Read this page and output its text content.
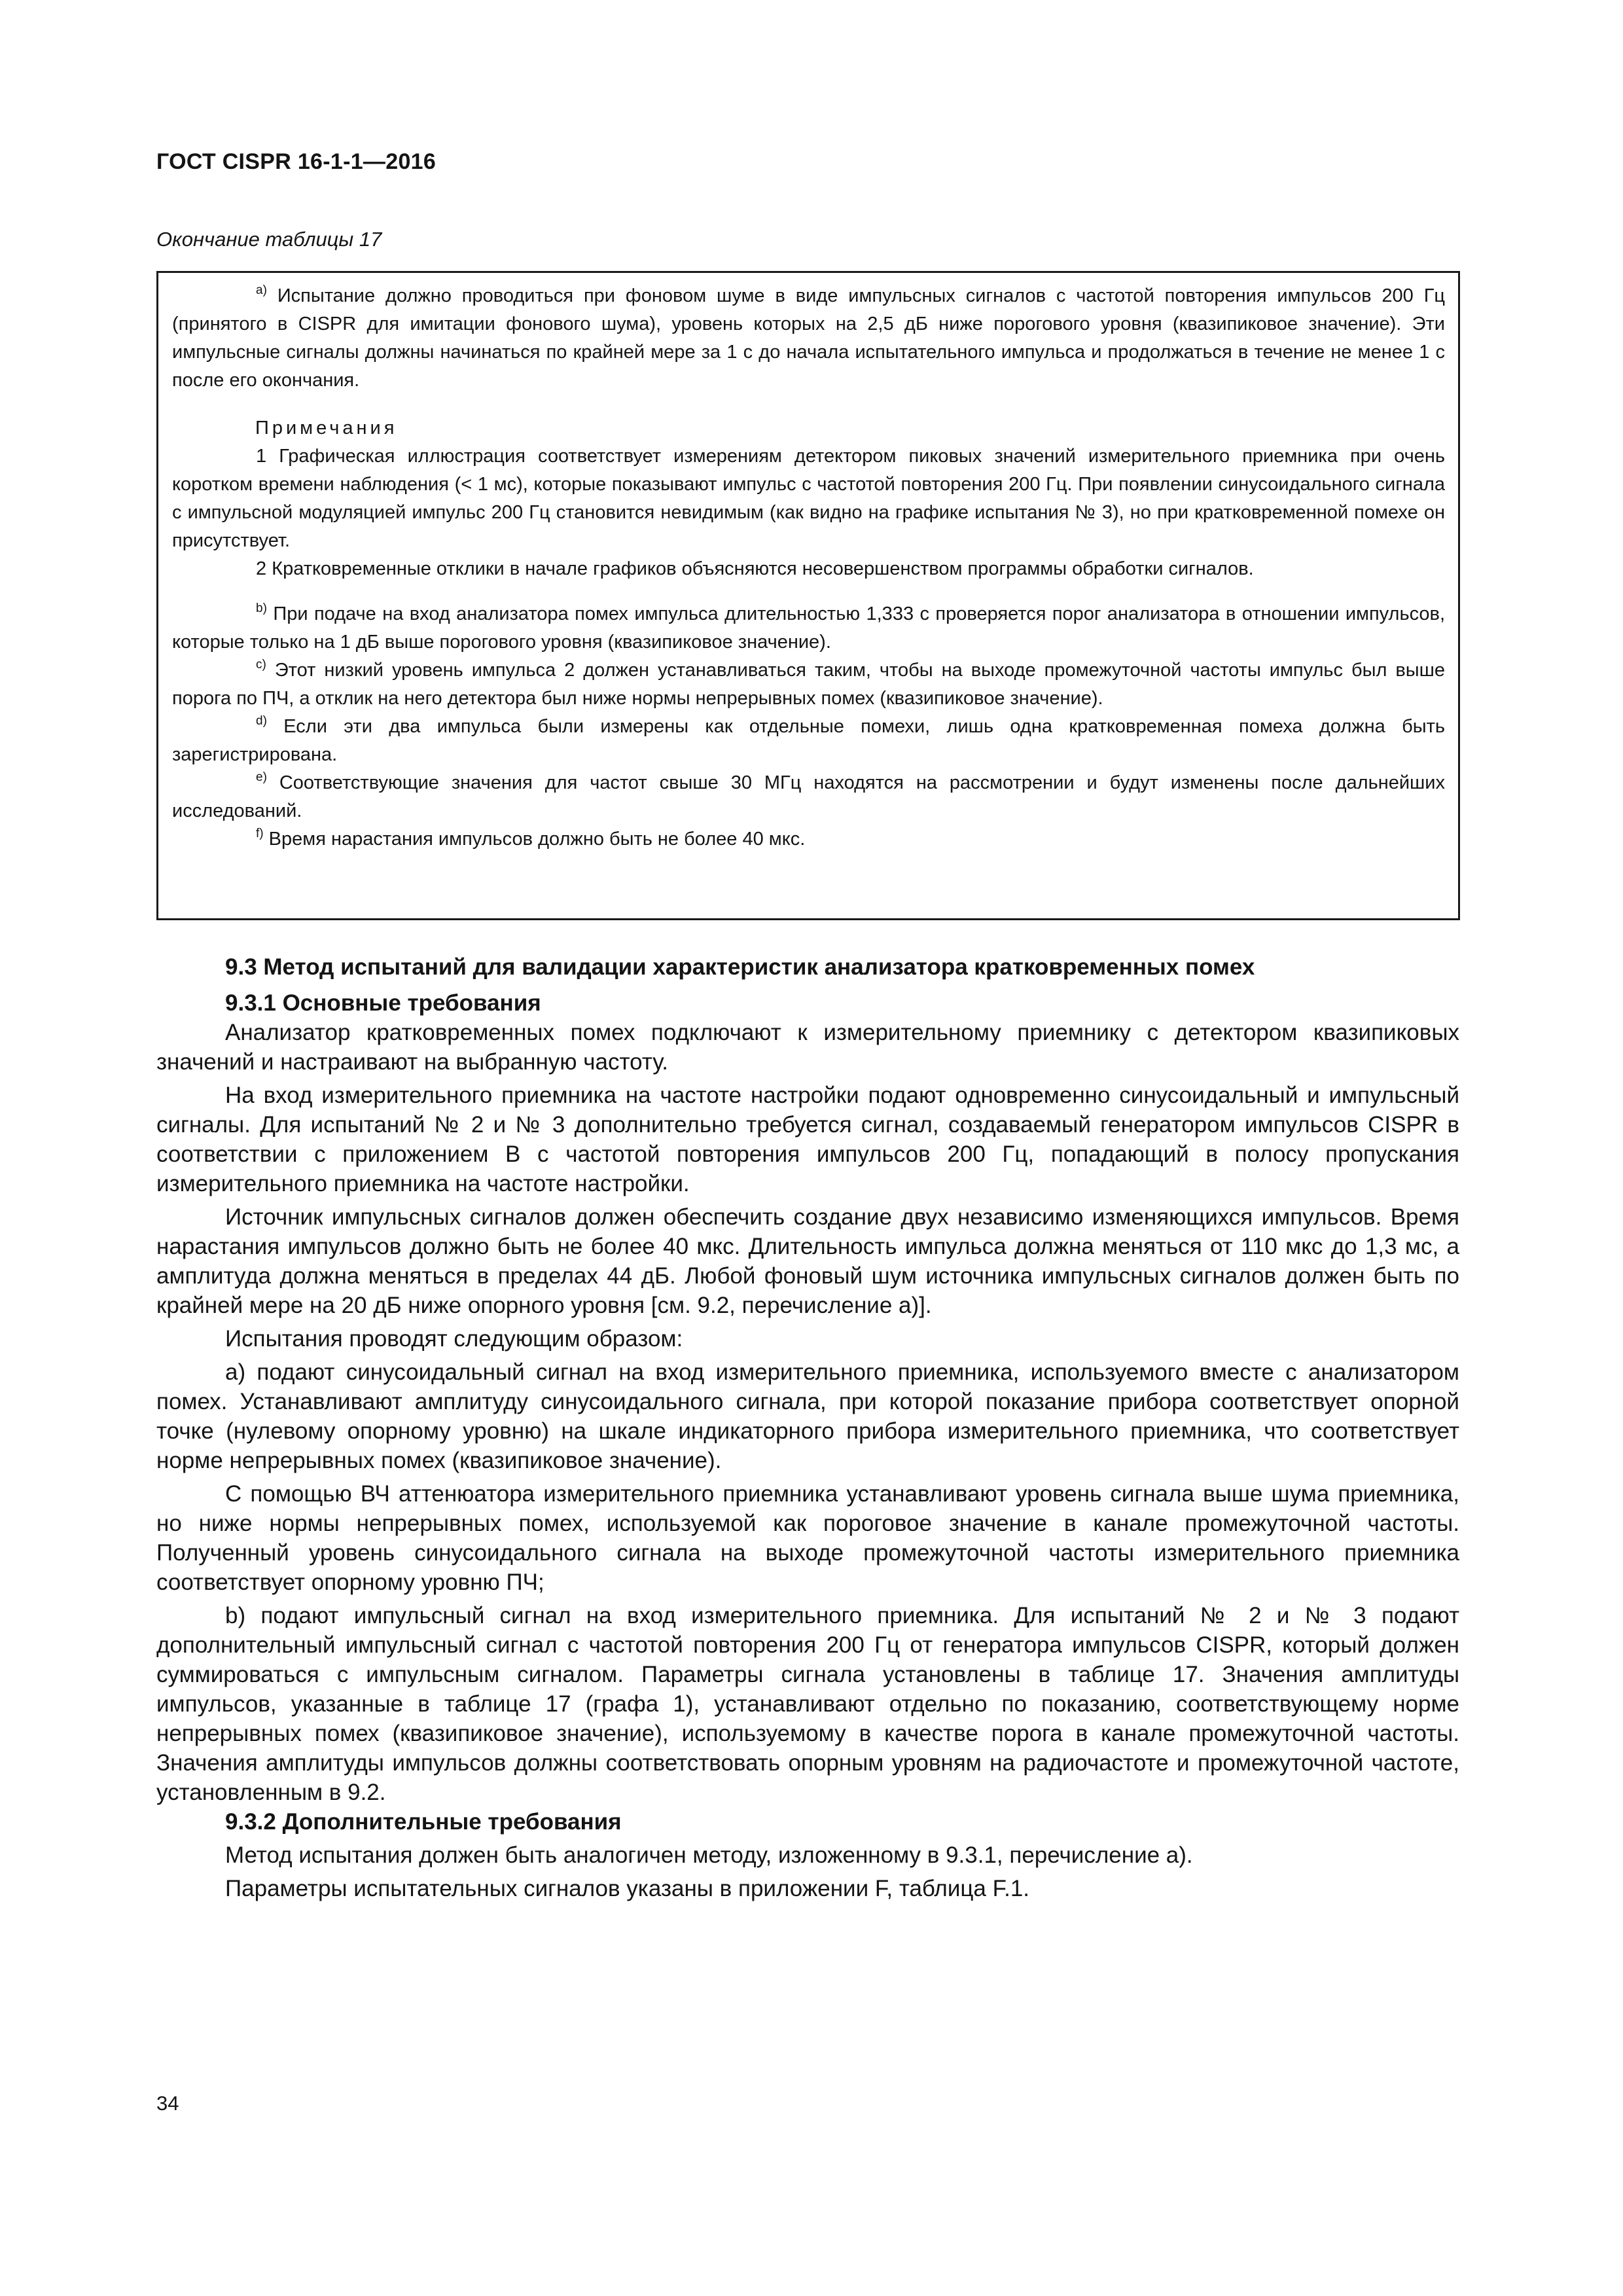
ГОСТ CISPR 16-1-1—2016
Окончание таблицы 17

$^{a)}$ Испытание должно проводиться при фоновом шуме в виде импульсных сигналов с частотой повторения импульсов 200 Гц (принятого в CISPR для имитации фонового шума), уровень которых на 2,5 дБ ниже порогового уровня (квазипиковое значение). Эти импульсные сигналы должны начинаться по крайней мере за 1 с до начала испытательного импульса и продолжаться в течение не менее 1 с после его окончания.

Примечания

1 Графическая иллюстрация соответствует измерениям детектором пиковых значений измерительного приемника при очень коротком времени наблюдения (< 1 мс), которые показывают импульс с частотой повторения 200 Гц. При появлении синусоидального сигнала с импульсной модуляцией импульс 200 Гц становится невидимым (как видно на графике испытания № 3), но при кратковременной помехе он присутствует.

2 Кратковременные отклики в начале графиков объясняются несовершенством программы обработки сигналов.

$^{b)}$ При подаче на вход анализатора помех импульса длительностью 1,333 с проверяется порог анализатора в отношении импульсов, которые только на 1 дБ выше порогового уровня (квазипиковое значение).

$^{c)}$ Этот низкий уровень импульса 2 должен устанавливаться таким, чтобы на выходе промежуточной частоты импульс был выше порога по ПЧ, а отклик на него детектора был ниже нормы непрерывных помех (квазипиковое значение).

$^{d)}$ Если эти два импульса были измерены как отдельные помехи, лишь одна кратковременная помеха должна быть зарегистрирована.

$^{e)}$ Соответствующие значения для частот свыше 30 МГц находятся на рассмотрении и будут изменены после дальнейших исследований.

$^{f)}$ Время нарастания импульсов должно быть не более 40 мкс.

9.3 Метод испытаний для валидации характеристик анализатора кратковременных помех

9.3.1 Основные требования

Анализатор кратковременных помех подключают к измерительному приемнику с детектором квазипиковых значений и настраивают на выбранную частоту.

На вход измерительного приемника на частоте настройки подают одновременно синусоидальный и импульсный сигналы. Для испытаний № 2 и № 3 дополнительно требуется сигнал, создаваемый генератором импульсов CISPR в соответствии с приложением B с частотой повторения импульсов 200 Гц, попадающий в полосу пропускания измерительного приемника на частоте настройки.

Источник импульсных сигналов должен обеспечить создание двух независимо изменяющихся импульсов. Время нарастания импульсов должно быть не более 40 мкс. Длительность импульса должна меняться от 110 мкс до 1,3 мс, а амплитуда должна меняться в пределах 44 дБ. Любой фоновый шум источника импульсных сигналов должен быть по крайней мере на 20 дБ ниже опорного уровня [см. 9.2, перечисление а)].

Испытания проводят следующим образом:

а) подают синусоидальный сигнал на вход измерительного приемника, используемого вместе с анализатором помех. Устанавливают амплитуду синусоидального сигнала, при которой показание прибора соответствует опорной точке (нулевому опорному уровню) на шкале индикаторного прибора измерительного приемника, что соответствует норме непрерывных помех (квазипиковое значение).

С помощью ВЧ аттенюатора измерительного приемника устанавливают уровень сигнала выше шума приемника, но ниже нормы непрерывных помех, используемой как пороговое значение в канале промежуточной частоты. Полученный уровень синусоидального сигнала на выходе промежуточной частоты измерительного приемника соответствует опорному уровню ПЧ;

b) подают импульсный сигнал на вход измерительного приемника. Для испытаний № 2 и № 3 подают дополнительный импульсный сигнал с частотой повторения 200 Гц от генератора импульсов CISPR, который должен суммироваться с импульсным сигналом. Параметры сигнала установлены в таблице 17. Значения амплитуды импульсов, указанные в таблице 17 (графа 1), устанавливают отдельно по показанию, соответствующему норме непрерывных помех (квазипиковое значение), используемому в качестве порога в канале промежуточной частоты. Значения амплитуды импульсов должны соответствовать опорным уровням на радиочастоте и промежуточной частоте, установленным в 9.2.

9.3.2 Дополнительные требования

Метод испытания должен быть аналогичен методу, изложенному в 9.3.1, перечисление а).

Параметры испытательных сигналов указаны в приложении F, таблица F.1.

34
